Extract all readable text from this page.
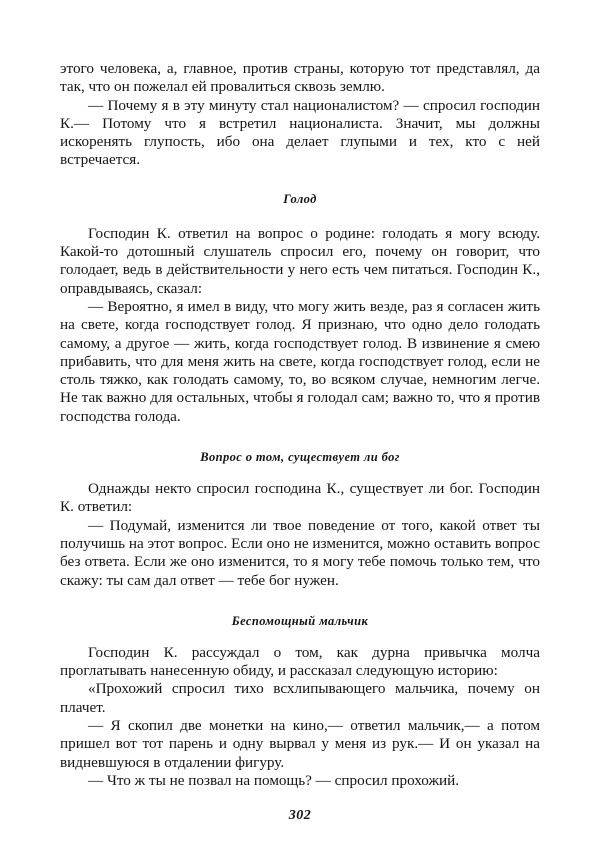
этого человека, а, главное, против страны, которую тот представлял, да так, что он пожелал ей провалиться сквозь землю.

— Почему я в эту минуту стал националистом? — спросил господин К.— Потому что я встретил националиста. Значит, мы должны искоренять глупость, ибо она делает глупыми и тех, кто с ней встречается.

Голод

Господин К. ответил на вопрос о родине: голодать я могу всюду. Какой-то дотошный слушатель спросил его, почему он говорит, что голодает, ведь в действительности у него есть чем питаться. Господин К., оправдываясь, сказал:

— Вероятно, я имел в виду, что могу жить везде, раз я согласен жить на свете, когда господствует голод. Я признаю, что одно дело голодать самому, а другое — жить, когда господствует голод. В извинение я смею прибавить, что для меня жить на свете, когда господствует голод, если не столь тяжко, как голодать самому, то, во всяком случае, немногим легче. Не так важно для остальных, чтобы я голодал сам; важно то, что я против господства голода.

Вопрос о том, существует ли бог

Однажды некто спросил господина К., существует ли бог. Господин К. ответил:

— Подумай, изменится ли твое поведение от того, какой ответ ты получишь на этот вопрос. Если оно не изменится, можно оставить вопрос без ответа. Если же оно изменится, то я могу тебе помочь только тем, что скажу: ты сам дал ответ — тебе бог нужен.

Беспомощный мальчик

Господин К. рассуждал о том, как дурна привычка молча проглатывать нанесенную обиду, и рассказал следующую историю:

«Прохожий спросил тихо всхлипывающего мальчика, почему он плачет.

— Я скопил две монетки на кино,— ответил мальчик,— а потом пришел вот тот парень и одну вырвал у меня из рук.— И он указал на видневшуюся в отдалении фигуру.

— Что ж ты не позвал на помощь? — спросил прохожий.

302
